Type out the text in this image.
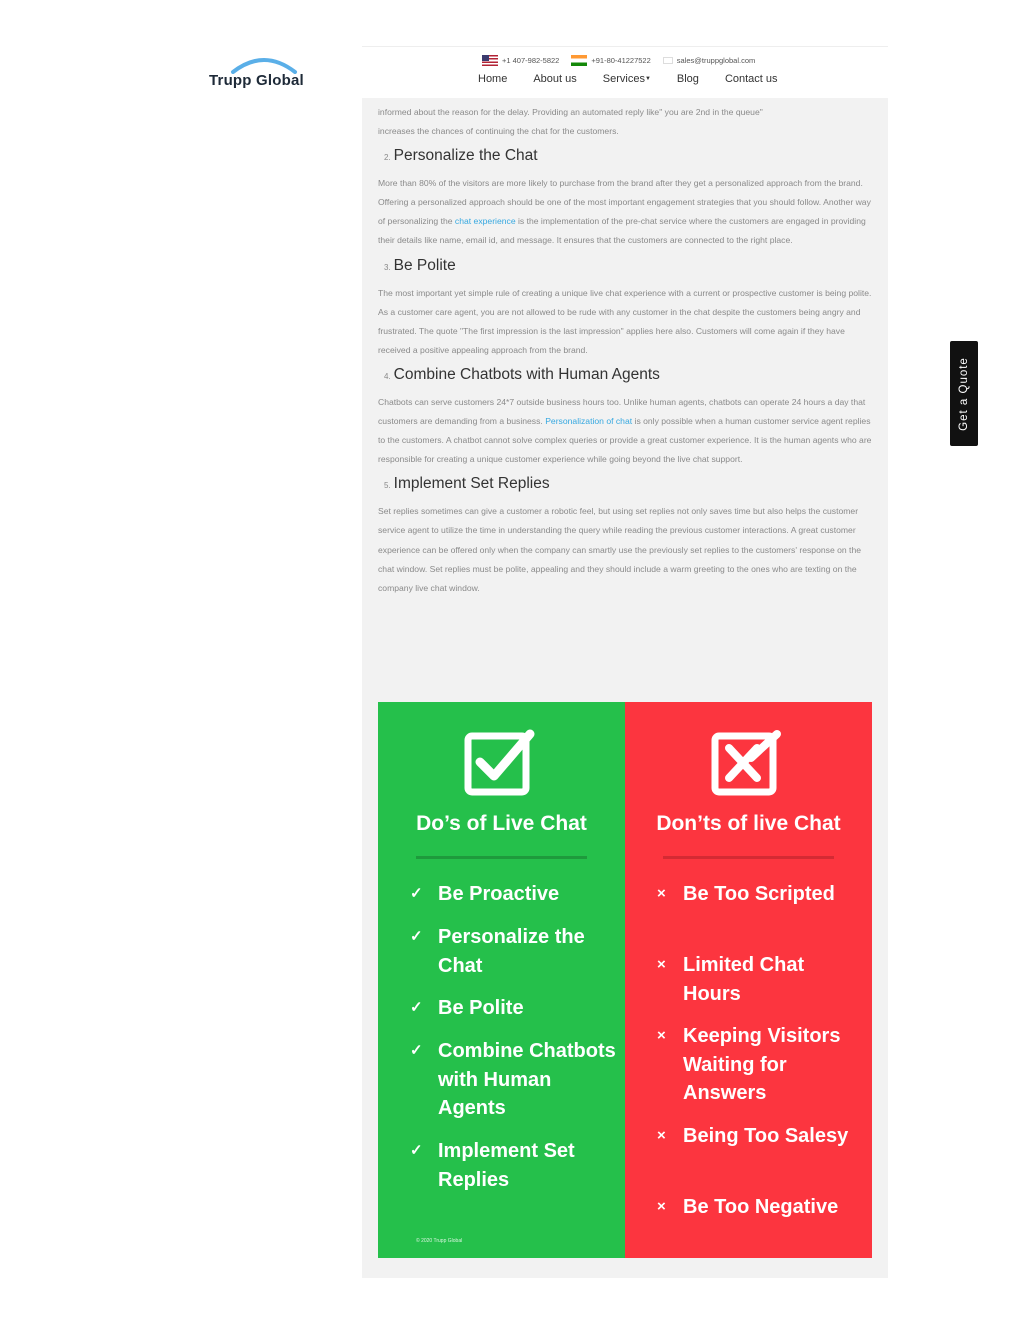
Trupp Global
+1 407-982-5822	+91-80-41227522	sales@truppglobal.com
Home About us Services▼ Blog Contact us

informed about the reason for the delay. Providing an automated reply like" you are 2nd in the queue"

increases the chances of continuing the chat for the customers.

2. Personalize the Chat

More than 80% of the visitors are more likely to purchase from the brand after they get a personalized approach from the brand. Offering a personalized approach should be one of the most important engagement strategies that you should follow. Another way of personalizing the chat experience is the implementation of the pre-chat service where the customers are engaged in providing their details like name, email id, and message. It ensures that the customers are connected to the right place.

3. Be Polite

The most important yet simple rule of creating a unique live chat experience with a current or prospective customer is being polite. As a customer care agent, you are not allowed to be rude with any customer in the chat despite the customers being angry and frustrated. The quote "The first impression is the last impression" applies here also. Customers will come again if they have received a positive appealing approach from the brand.

4. Combine Chatbots with Human Agents

Chatbots can serve customers 24*7 outside business hours too. Unlike human agents, chatbots can operate 24 hours a day that customers are demanding from a business. Personalization of chat is only possible when a human customer service agent replies to the customers. A chatbot cannot solve complex queries or provide a great customer experience. It is the human agents who are responsible for creating a unique customer experience while going beyond the live chat support.

5. Implement Set Replies

Set replies sometimes can give a customer a robotic feel, but using set replies not only saves time but also helps the customer service agent to utilize the time in understanding the query while reading the previous customer interactions. A great customer experience can be offered only when the company can smartly use the previously set replies to the customers' response on the chat window. Set replies must be polite, appealing and they should include a warm greeting to the ones who are texting on the company live chat window.

Do’s of Live Chat
✓ Be Proactive
✓ Personalize the Chat
✓ Be Polite
✓ Combine Chatbots with Human Agents
✓ Implement Set Replies
© 2020 Trupp Global
Don’ts of live Chat
× Be Too Scripted
× Limited Chat Hours
× Keeping Visitors Waiting for Answers
× Being Too Salesy
× Be Too Negative
Get a Quote
